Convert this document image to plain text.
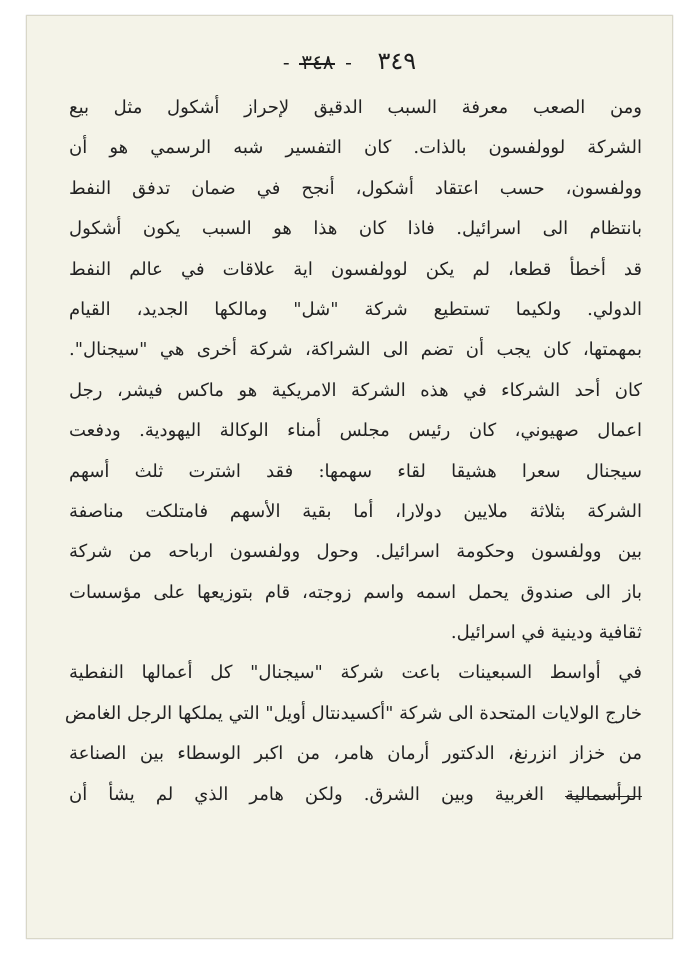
٣٤٩ - ٣٤٨ -
ومن الصعب معرفة السبب الدقيق لإحراز أشكول مثل بيع
الشركة لوولفسون بالذات. كان التفسير شبه الرسمي هو أن
وولفسون، حسب اعتقاد أشكول، أنجح في ضمان تدفق النفط
بانتظام الى اسرائيل. فاذا كان هذا هو السبب يكون أشكول
قد أخطأ قطعا، لم يكن لوولفسون اية علاقات في عالم النفط
الدولي. ولكيما تستطيع شركة "شل" ومالكها الجديد، القيام
بمهمتها، كان يجب أن تضم الى الشراكة، شركة أخرى هي "سيجنال".
كان أحد الشركاء في هذه الشركة الامريكية هو ماكس فيشر، رجل
اعمال صهيوني، كان رئيس مجلس أمناء الوكالة اليهودية. ودفعت
سيجنال سعرا هشيقا لقاء سهمها: فقد اشترت ثلث أسهم
الشركة بثلاثة ملايين دولارا، أما بقية الأسهم فامتلكت مناصفة
بين وولفسون وحكومة اسرائيل. وحول وولفسون ارباحه من شركة
باز الى صندوق يحمل اسمه واسم زوجته، قام بتوزيعها على مؤسسات
ثقافية ودينية في اسرائيل.
في أواسط السبعينات باعت شركة "سيجنال" كل أعمالها النفطية
خارج الولايات المتحدة الى شركة "أكسيدنتال أويل" التي يملكها الرجل الغامض
من خزاز انزرنغ، الدكتور أرمان هامر، من اكبر الوسطاء بين الصناعة
الرأسمالية الغربية وبين الشرق. ولكن هامر الذي لم يشأ أن
